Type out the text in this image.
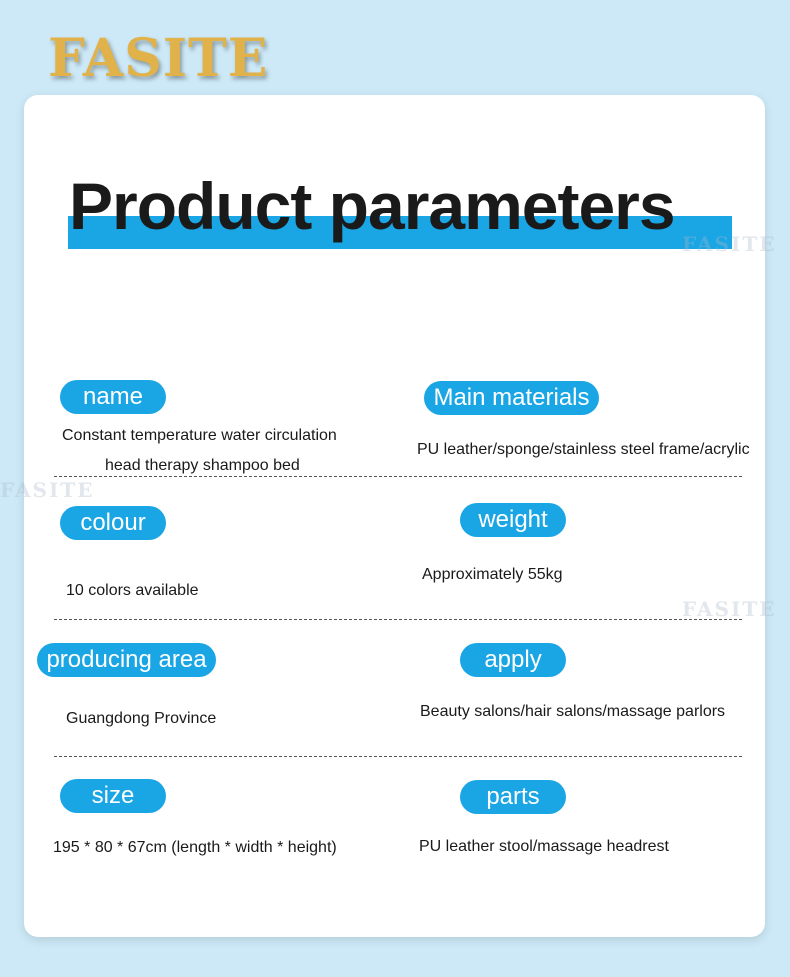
FASITE
Product parameters
FASITE
FASITE
FASITE
name
Constant temperature water circulation
head therapy shampoo bed
Main materials
PU leather/sponge/stainless steel frame/acrylic
colour
10 colors available
weight
Approximately 55kg
producing area
Guangdong Province
apply
Beauty salons/hair salons/massage parlors
size
195 * 80 * 67cm (length * width * height)
parts
PU leather stool/massage headrest
